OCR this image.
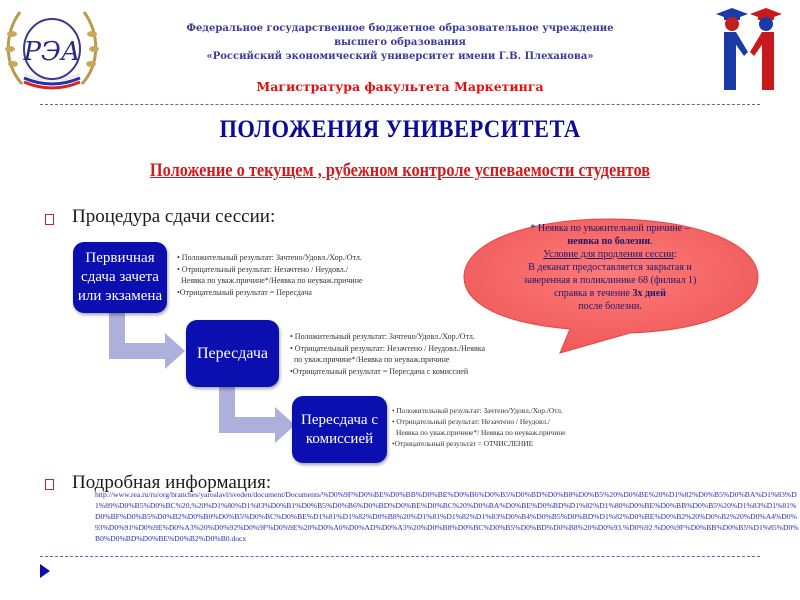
РЭА
Федеральное государственное бюджетное образовательное учреждение
высшего образования
«Российский экономический университет имени Г.В. Плеханова»
Магистратура факультета Маркетинга
ПОЛОЖЕНИЯ УНИВЕРСИТЕТА
Положение о текущем , рубежном контроле успеваемости студентов
Процедура сдачи сессии:
Первичная сдача зачета или экзамена
Пересдача
Пересдача с комиссией
• Положительный результат: Зачтено/Удовл./Хор./Отл.
• Отрицательный результат: Незачтено / Неудовл./
Неявка по уваж.причине*/Неявка по неуваж.причине
•Отрицательный результат = Пересдача
• Положительный результат: Зачтено/Удовл./Хор./Отл.
• Отрицательный результат: Незачтено / Неудовл./Неявка
по уваж.причине*/Неявка по неуваж.причине
•Отрицательный результат = Пересдача с комиссией
• Положительный результат: Зачтено/Удовл./Хор./Отл.
• Отрицательный результат: Незачтено / Неудовл./
Неявка по уваж.причине*/ Неявка по неуваж.причине
•Отрицательный результат = ОТЧИСЛЕНИЕ
* Неявка по уважительной причине –
неявка по болезни.
Условие для продления сессии:
В деканат предоставляется закрытая и
заверенная в поликлинике 68 (филиал 1)
справка в течение 3х дней
после болезни.
Подробная информация:
http://www.rea.ru/ru/org/branches/yaroslavl/sveden/document/Documents/%D0%9F%D0%BE%D0%BB%D0%BE%D0%B6%D0%B5%D0%BD%D0%B8%D0%B5%20%D0%BE%20%D1%82%D0%B5%D0%BA%D1%83%D1%89%D0%B5%D0%BC%20,%20%D1%80%D1%83%D0%B1%D0%B5%D0%B6%D0%BD%D0%BE%D0%BC%20%D0%BA%D0%BE%D0%BD%D1%82%D1%80%D0%BE%D0%BB%D0%B5%20%D1%83%D1%81%D0%BF%D0%B5%D0%B2%D0%B0%D0%B5%D0%BC%D0%BE%D1%81%D1%82%D0%B8%20%D1%81%D1%82%D1%83%D0%B4%D0%B5%D0%BD%D1%82%D0%BE%D0%B2%20%D0%B2%20%D0%A4%D0%93%D0%91%D0%9E%D0%A3%20%D0%92%D0%9F%D0%9E%20%D0%A0%D0%AD%D0%A3%20%D0%B8%D0%BC%D0%B5%D0%BD%D0%B8%20%D0%93.%D0%92.%D0%9F%D0%BB%D0%B5%D1%85%D0%B0%D0%BD%D0%BE%D0%B2%D0%B0.docx
